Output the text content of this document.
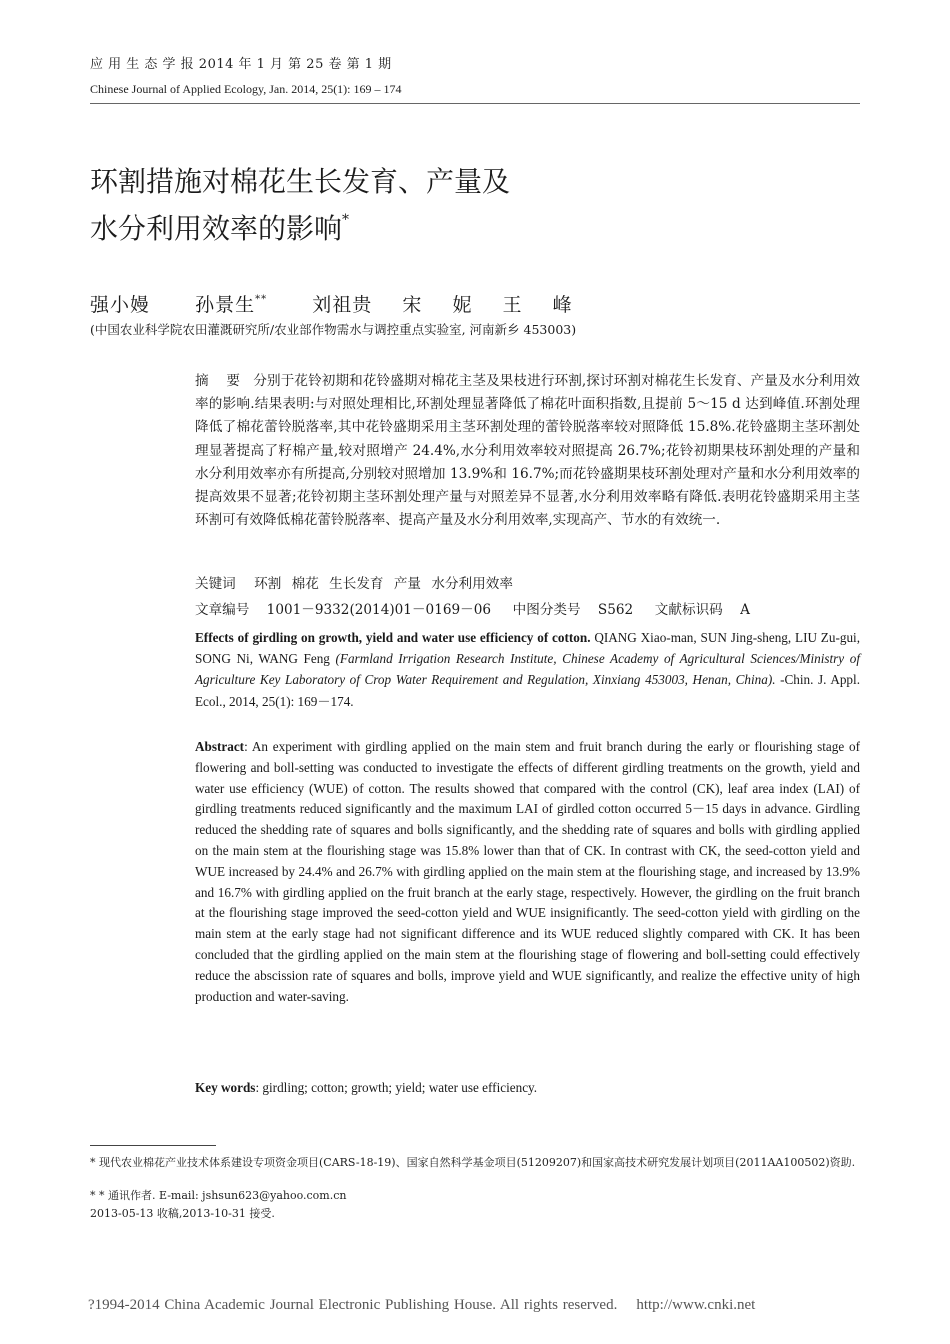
应 用 生 态 学 报 2014 年 1 月 第 25 卷 第 1 期
Chinese Journal of Applied Ecology, Jan. 2014, 25(1): 169 – 174
环割措施对棉花生长发育、产量及
水分利用效率的影响*
强小嫚 孙景生** 刘祖贵  宋  妮  王  峰
(中国农业科学院农田灌溉研究所/农业部作物需水与调控重点实验室, 河南新乡 453003)
摘    要 分别于花铃初期和花铃盛期对棉花主茎及果枝进行环割,探讨环割对棉花生长发育、产量及水分利用效率的影响.结果表明:与对照处理相比,环割处理显著降低了棉花叶面积指数,且提前 5～15 d 达到峰值.环割处理降低了棉花蕾铃脱落率,其中花铃盛期采用主茎环割处理的蕾铃脱落率较对照降低 15.8%.花铃盛期主茎环割处理显著提高了籽棉产量,较对照增产 24.4%,水分利用效率较对照提高 26.7%;花铃初期果枝环割处理的产量和水分利用效率亦有所提高,分别较对照增加 13.9%和 16.7%;而花铃盛期果枝环割处理对产量和水分利用效率的提高效果不显著;花铃初期主茎环割处理产量与对照差异不显著,水分利用效率略有降低.表明花铃盛期采用主茎环割可有效降低棉花蕾铃脱落率、提高产量及水分利用效率,实现高产、节水的有效统一.
关键词 环割 棉花 生长发育 产量 水分利用效率
文章编号 1001－9332(2014)01－0169－06 中图分类号 S562 文献标识码 A
Effects of girdling on growth, yield and water use efficiency of cotton. QIANG Xiao-man, SUN Jing-sheng, LIU Zu-gui, SONG Ni, WANG Feng (Farmland Irrigation Research Institute, Chinese Academy of Agricultural Sciences/Ministry of Agriculture Key Laboratory of Crop Water Requirement and Regulation, Xinxiang 453003, Henan, China). -Chin. J. Appl. Ecol., 2014, 25(1): 169－174.
Abstract: An experiment with girdling applied on the main stem and fruit branch during the early or flourishing stage of flowering and boll-setting was conducted to investigate the effects of different girdling treatments on the growth, yield and water use efficiency (WUE) of cotton. The results showed that compared with the control (CK), leaf area index (LAI) of girdling treatments reduced significantly and the maximum LAI of girdled cotton occurred 5－15 days in advance. Girdling reduced the shedding rate of squares and bolls significantly, and the shedding rate of squares and bolls with girdling applied on the main stem at the flourishing stage was 15.8% lower than that of CK. In contrast with CK, the seed-cotton yield and WUE increased by 24.4% and 26.7% with girdling applied on the main stem at the flourishing stage, and increased by 13.9% and 16.7% with girdling applied on the fruit branch at the early stage, respectively. However, the girdling on the fruit branch at the flourishing stage improved the seed-cotton yield and WUE insignificantly. The seed-cotton yield with girdling on the main stem at the early stage had not significant difference and its WUE reduced slightly compared with CK. It has been concluded that the girdling applied on the main stem at the flourishing stage of flowering and boll-setting could effectively reduce the abscission rate of squares and bolls, improve yield and WUE significantly, and realize the effective unity of high production and water-saving.
Key words: girdling; cotton; growth; yield; water use efficiency.
* 现代农业棉花产业技术体系建设专项资金项目(CARS-18-19)、国家自然科学基金项目(51209207)和国家高技术研究发展计划项目(2011AA100502)资助.
* * 通讯作者. E-mail: jshsun623@yahoo.com.cn
2013-05-13 收稿,2013-10-31 接受.
?1994-2014 China Academic Journal Electronic Publishing House. All rights reserved.    http://www.cnki.net
